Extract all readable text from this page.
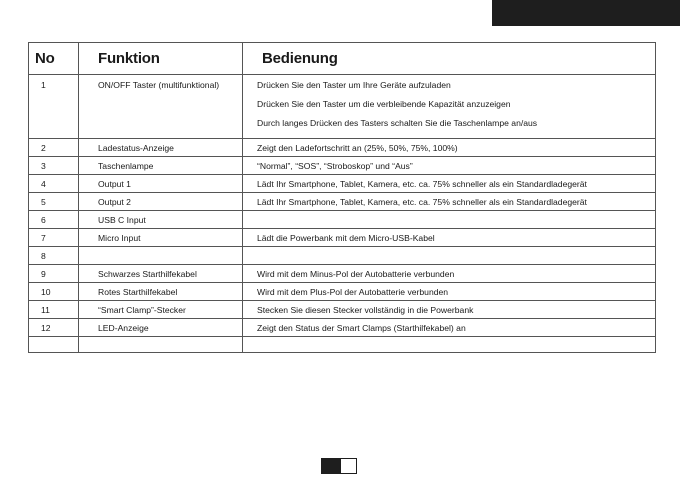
No	Funktion	Bedienung
1	ON/OFF Taster (multifunktional)	Drücken Sie den Taster um Ihre Geräte aufzuladen
Drücken Sie den Taster um die verbleibende Kapazität anzuzeigen
Durch langes Drücken des Tasters schalten Sie die Taschenlampe an/aus

2	Ladestatus-Anzeige	Zeigt den Ladefortschritt an (25%, 50%, 75%, 100%)
3	Taschenlampe	“Normal”, “SOS”, “Stroboskop” und “Aus”
4	Output 1	Lädt Ihr Smartphone, Tablet, Kamera, etc. ca. 75% schneller als ein Standardladegerät
5	Output 2	Lädt Ihr Smartphone, Tablet, Kamera, etc. ca. 75% schneller als ein Standardladegerät
6	USB C Input	
7	Micro Input	Lädt die Powerbank mit dem Micro-USB-Kabel
8		
9	Schwarzes Starthilfekabel	Wird mit dem Minus-Pol der Autobatterie verbunden
10	Rotes Starthilfekabel	Wird mit dem Plus-Pol der Autobatterie verbunden
11	“Smart Clamp”-Stecker	Stecken Sie diesen Stecker vollständig in die Powerbank
12	LED-Anzeige	Zeigt den Status der Smart Clamps (Starthilfekabel) an
